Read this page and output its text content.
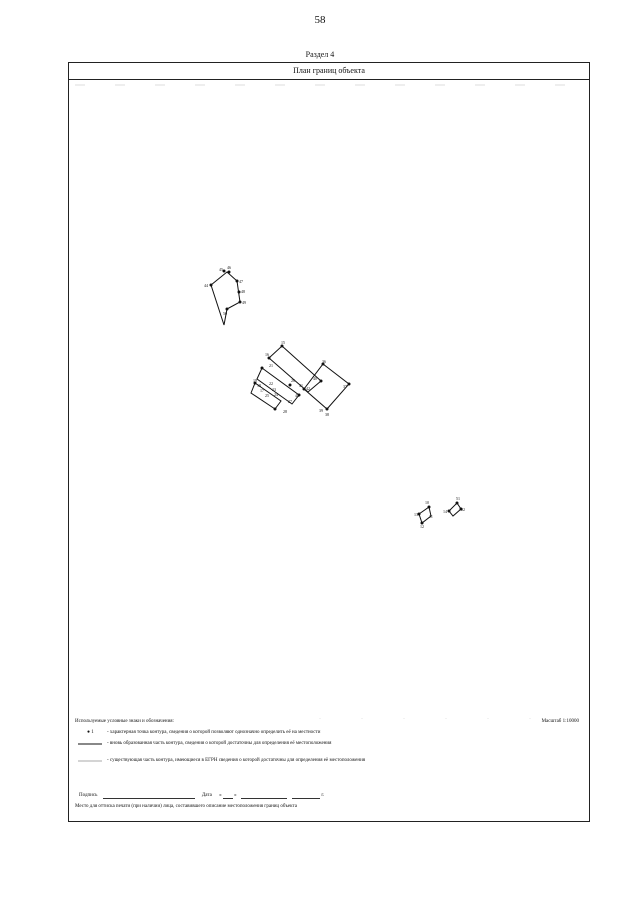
58
Раздел 4
План границ объекта
45 46
44
47
48
49
50
15
16
21
19
18
17
22
23
24
25
26
27
28
42
43
36
37
38
39
40
41
10
11
12
13
14
51
52
Используемые условные знаки и обозначения:	Масштаб 1:10000
● 1	- характерная точка контура, сведения о которой позволяют однозначно определить её на местности
- вновь образованная часть контура, сведения о которой достаточны для определения её местоположения
- существующая часть контура, имеющиеся в ЕГРН сведения о которой достаточны для определения её местоположения
Подпись	Дата «	»	г.
Место для оттиска печати (при наличии) лица, составившего описание местоположения границ объекта
